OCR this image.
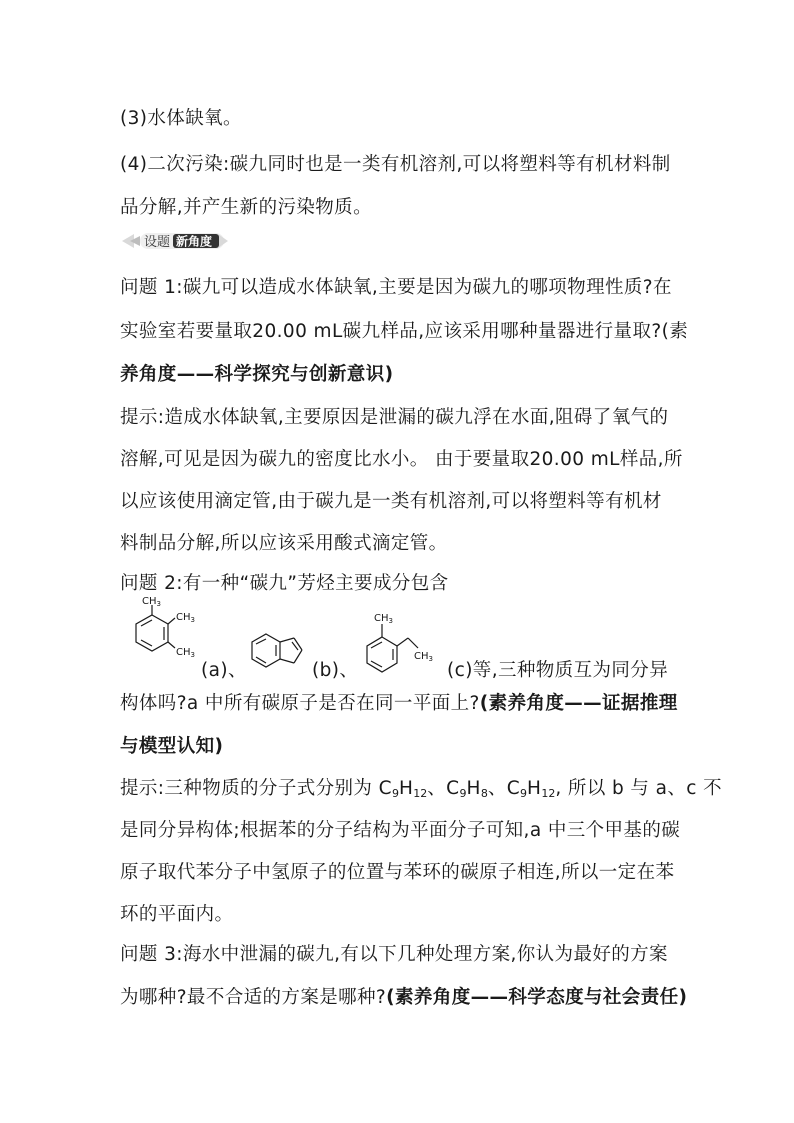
(3)水体缺氧。
(4)二次污染:碳九同时也是一类有机溶剂,可以将塑料等有机材料制
品分解,并产生新的污染物质。
设题 新角度
问题 1:碳九可以造成水体缺氧,主要是因为碳九的哪项物理性质?在
实验室若要量取20.00 mL碳九样品,应该采用哪种量器进行量取?(素
养角度——科学探究与创新意识)
提示:造成水体缺氧,主要原因是泄漏的碳九浮在水面,阻碍了氧气的
溶解,可见是因为碳九的密度比水小。 由于要量取20.00 mL样品,所
以应该使用滴定管,由于碳九是一类有机溶剂,可以将塑料等有机材
料制品分解,所以应该采用酸式滴定管。
问题 2:有一种“碳九”芳烃主要成分包含
$CH_3$
$CH_3$
$CH_3$
(a)、	(b)、
$CH_3$
$CH_3$
(c)等,三种物质互为同分异
构体吗?a 中所有碳原子是否在同一平面上?(素养角度——证据推理
与模型认知)
提示:三种物质的分子式分别为 $C_9H_{12}$、$C_9H_8$、$C_9H_{12}$, 所以 b 与 a、c 不
是同分异构体;根据苯的分子结构为平面分子可知,a 中三个甲基的碳
原子取代苯分子中氢原子的位置与苯环的碳原子相连,所以一定在苯
环的平面内。
问题 3:海水中泄漏的碳九,有以下几种处理方案,你认为最好的方案
为哪种?最不合适的方案是哪种?(素养角度——科学态度与社会责任)
